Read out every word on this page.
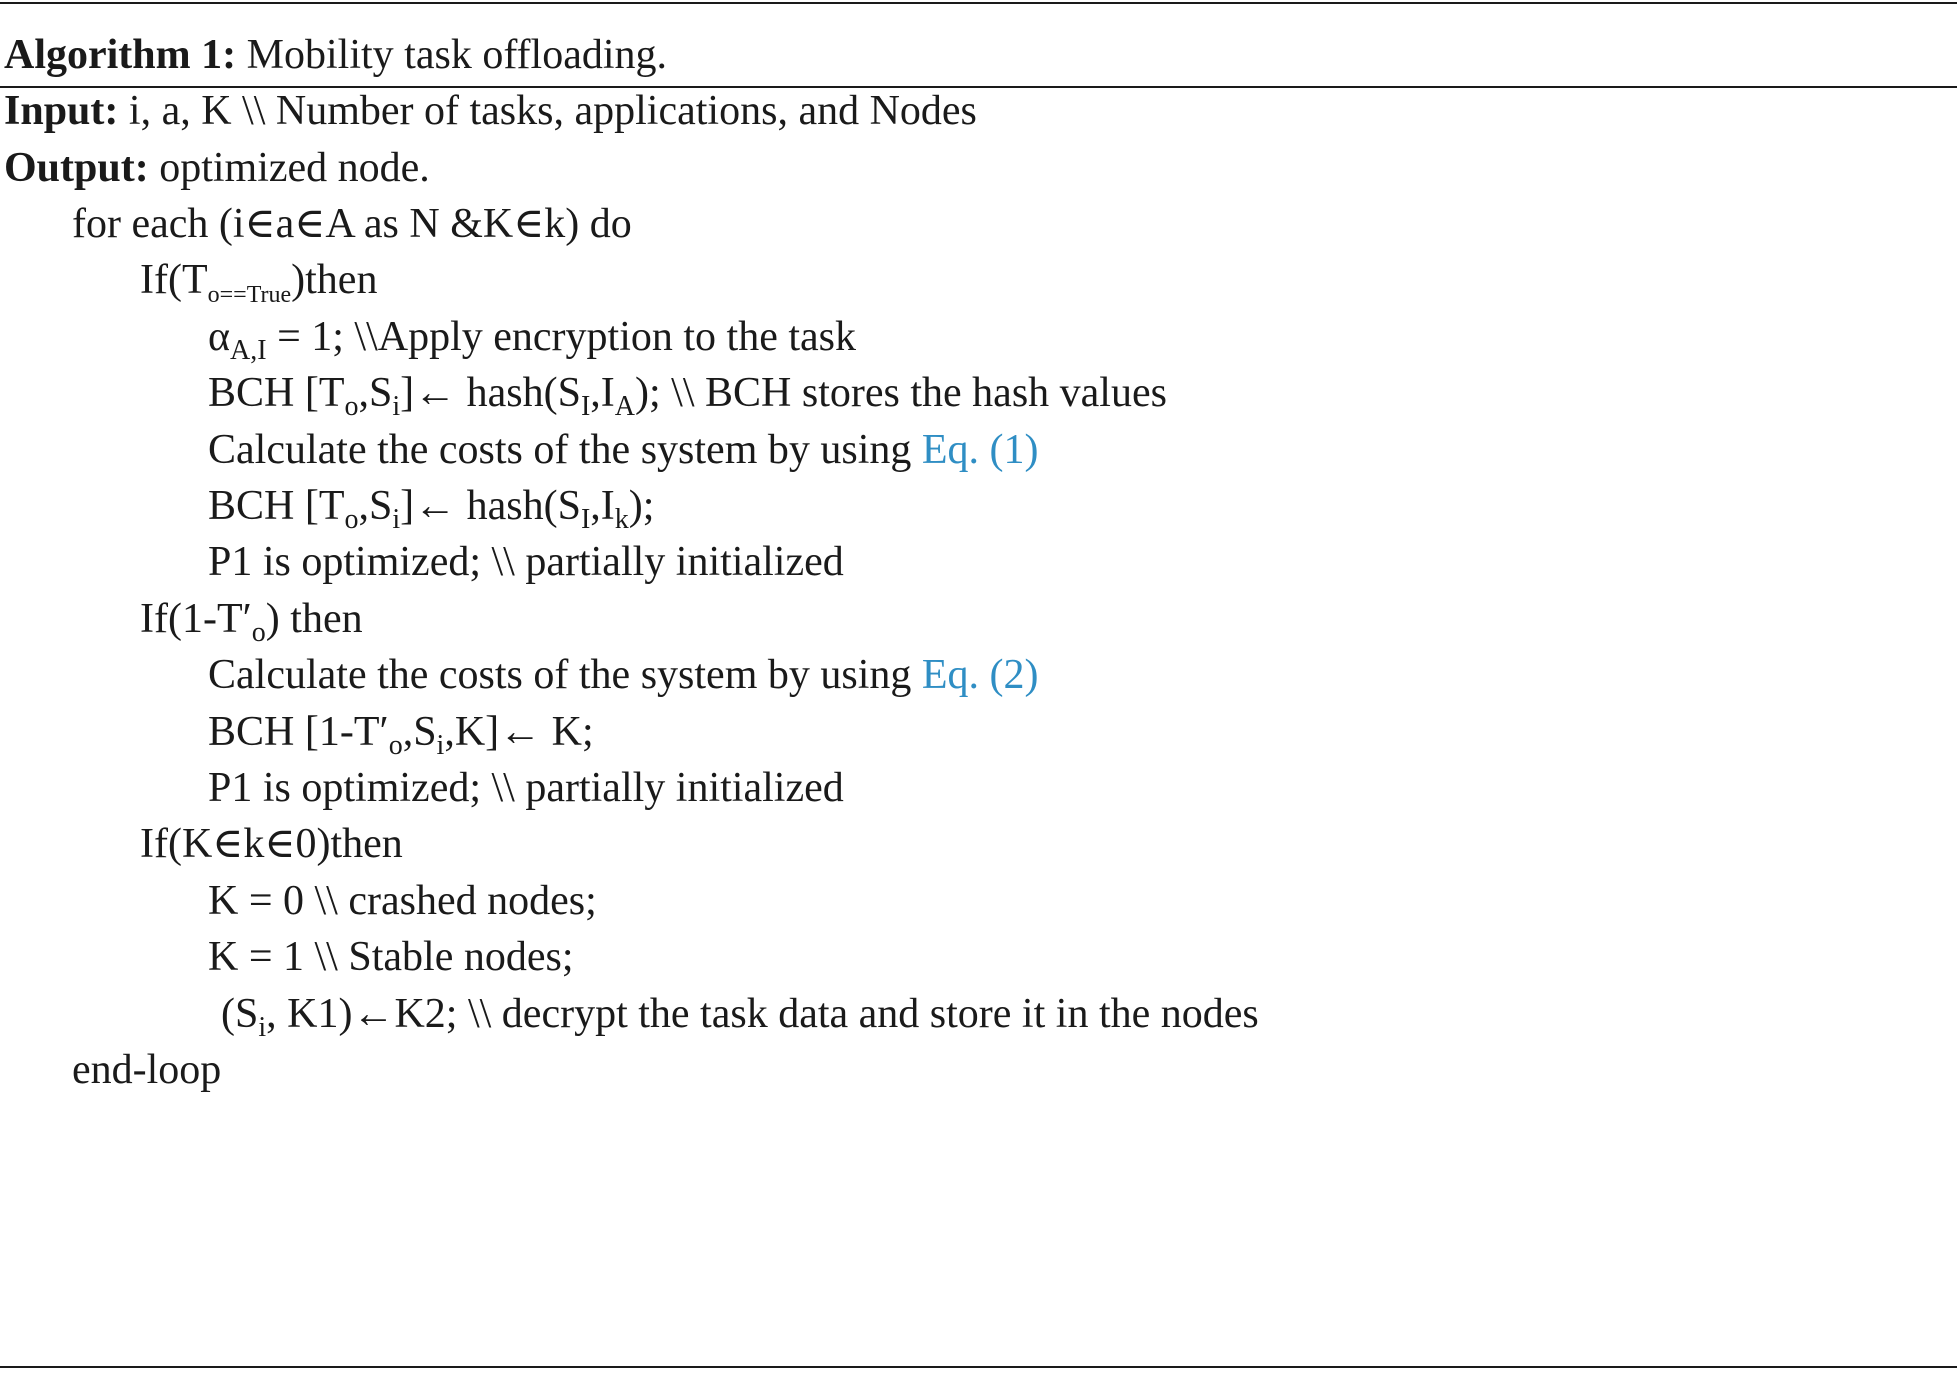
Algorithm 1: Mobility task offloading.
Input: i, a, K \\ Number of tasks, applications, and Nodes
Output: optimized node.
for each (i∈a∈A as N &K∈k) do
$If(T_{o==True})then$
$\alpha_{A,I} = 1$; \\Apply encryption to the task
BCH $[T_o,S_i]\leftarrow$ $hash(S_I,I_A)$; \\ BCH stores the hash values
Calculate the costs of the system by using Eq. (1)
BCH $[T_o,S_i]\leftarrow$ $hash(S_I,I_k)$;
P1 is optimized; \\ partially initialized
$If(1-T'_o)$ then
Calculate the costs of the system by using Eq. (2)
BCH $[1-T'_o,S_i,K]\leftarrow$ K;
P1 is optimized; \\ partially initialized
If(K∈k∈0)then
K = 0 \\ crashed nodes;
K = 1 \\ Stable nodes;
($S_i$, K1)←K2; \\ decrypt the task data and store it in the nodes
end-loop
